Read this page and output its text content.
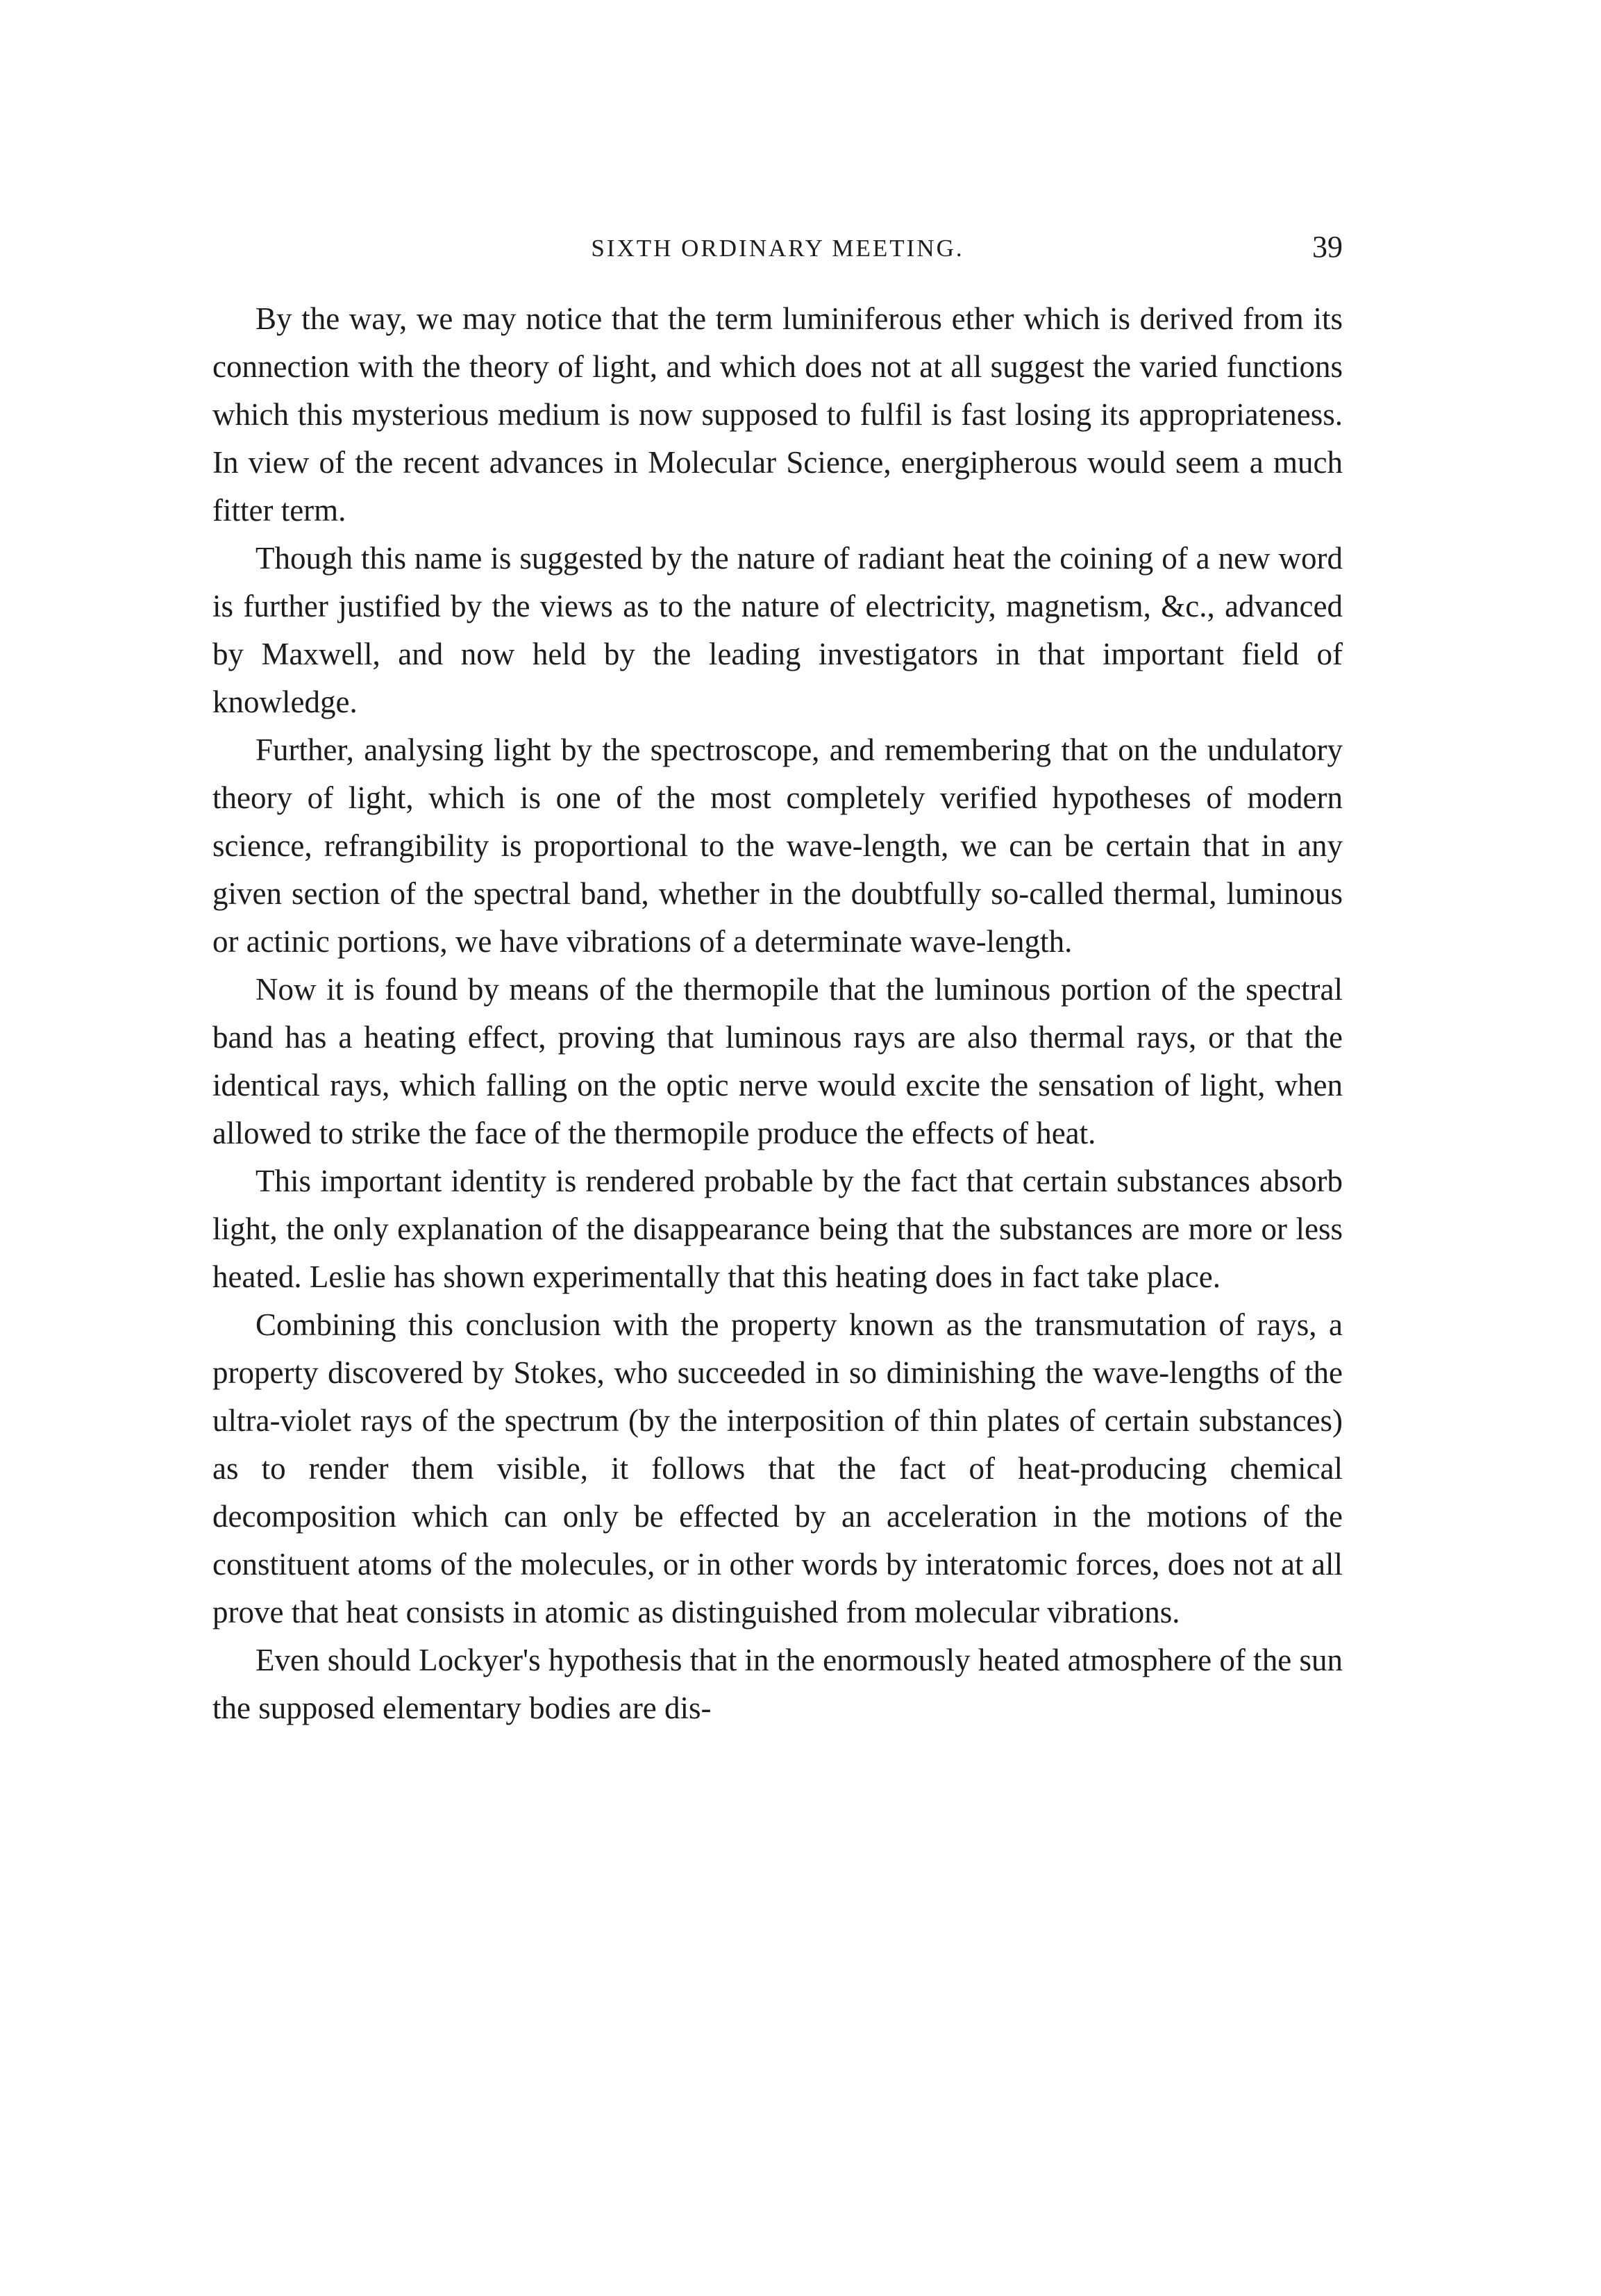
SIXTH ORDINARY MEETING.	39

By the way, we may notice that the term luminiferous ether which is derived from its connection with the theory of light, and which does not at all suggest the varied functions which this mysterious medium is now supposed to fulfil is fast losing its appropriateness. In view of the recent advances in Molecular Science, energipherous would seem a much fitter term.

Though this name is suggested by the nature of radiant heat the coining of a new word is further justified by the views as to the nature of electricity, magnetism, &c., advanced by Maxwell, and now held by the leading investigators in that important field of knowledge.

Further, analysing light by the spectroscope, and remembering that on the undulatory theory of light, which is one of the most completely verified hypotheses of modern science, refrangibility is proportional to the wave-length, we can be certain that in any given section of the spectral band, whether in the doubtfully so-called thermal, luminous or actinic portions, we have vibrations of a determinate wave-length.

Now it is found by means of the thermopile that the luminous portion of the spectral band has a heating effect, proving that luminous rays are also thermal rays, or that the identical rays, which falling on the optic nerve would excite the sensation of light, when allowed to strike the face of the thermopile produce the effects of heat.

This important identity is rendered probable by the fact that certain substances absorb light, the only explanation of the disappearance being that the substances are more or less heated. Leslie has shown experimentally that this heating does in fact take place.

Combining this conclusion with the property known as the transmutation of rays, a property discovered by Stokes, who succeeded in so diminishing the wave-lengths of the ultra-violet rays of the spectrum (by the interposition of thin plates of certain substances) as to render them visible, it follows that the fact of heat-producing chemical decomposition which can only be effected by an acceleration in the motions of the constituent atoms of the molecules, or in other words by interatomic forces, does not at all prove that heat consists in atomic as distinguished from molecular vibrations.

Even should Lockyer's hypothesis that in the enormously heated atmosphere of the sun the supposed elementary bodies are dis-
